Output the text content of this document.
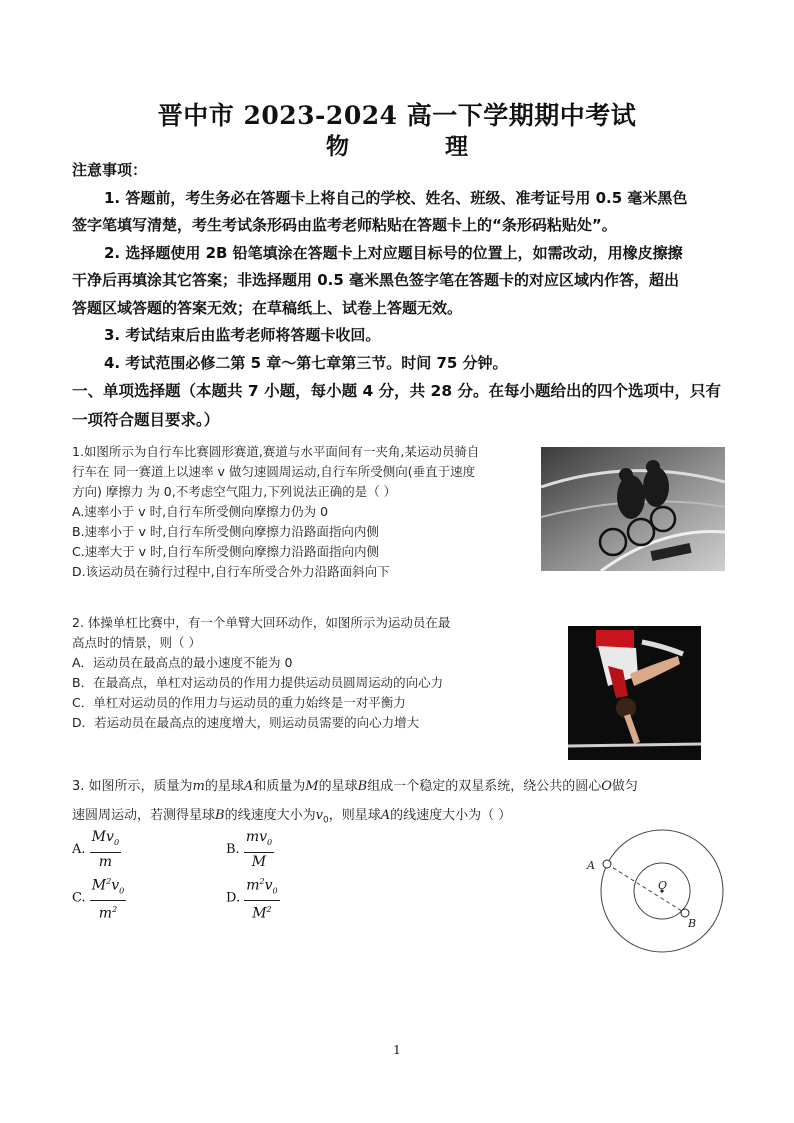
晋中市 2023-2024 高一下学期期中考试
物	理

注意事项：

1. 答题前，考生务必在答题卡上将自己的学校、姓名、班级、准考证号用 0.5 毫米黑色

签字笔填写清楚，考生考试条形码由监考老师粘贴在答题卡上的“条形码粘贴处”。

2. 选择题使用 2B 铅笔填涂在答题卡上对应题目标号的位置上，如需改动，用橡皮擦擦

干净后再填涂其它答案；非选择题用 0.5 毫米黑色签字笔在答题卡的对应区域内作答，超出

答题区域答题的答案无效；在草稿纸上、试卷上答题无效。

3. 考试结束后由监考老师将答题卡收回。

4. 考试范围必修二第 5 章～第七章第三节。时间 75 分钟。

一、单项选择题（本题共 7 小题，每小题 4 分，共 28 分。在每小题给出的四个选项中，只有
一项符合题目要求。）

1.如图所示为自行车比赛圆形赛道,赛道与水平面间有一夹角,某运动员骑自

行车在 同一赛道上以速率 v 做匀速圆周运动,自行车所受侧向(垂直于速度

方向) 摩擦力 为 0,不考虑空气阻力,下列说法正确的是（ ）

A.速率小于 v 时,自行车所受侧向摩擦力仍为 0

B.速率小于 v 时,自行车所受侧向摩擦力沿路面指向内侧

C.速率大于 v 时,自行车所受侧向摩擦力沿路面指向内侧

D.该运动员在骑行过程中,自行车所受合外力沿路面斜向下

2. 体操单杠比赛中，有一个单臂大回环动作，如图所示为运动员在最

高点时的情景，则（ ）

A．运动员在最高点的最小速度不能为 0

B．在最高点，单杠对运动员的作用力提供运动员圆周运动的向心力

C．单杠对运动员的作用力与运动员的重力始终是一对平衡力

D．若运动员在最高点的速度增大，则运动员需要的向心力增大

3. 如图所示，质量为m的星球A和质量为M的星球B组成一个稳定的双星系统，绕公共的圆心O做匀
速圆周运动，若测得星球B的线速度大小为$v_0$，则星球A的线速度大小为（ ）
A. $\frac{Mv_0}{m}$	B. $\frac{mv_0}{M}$
C. $\frac{M^2v_0}{m^2}$	D. $\frac{m^2v_0}{M^2}$
A
O
B
1
